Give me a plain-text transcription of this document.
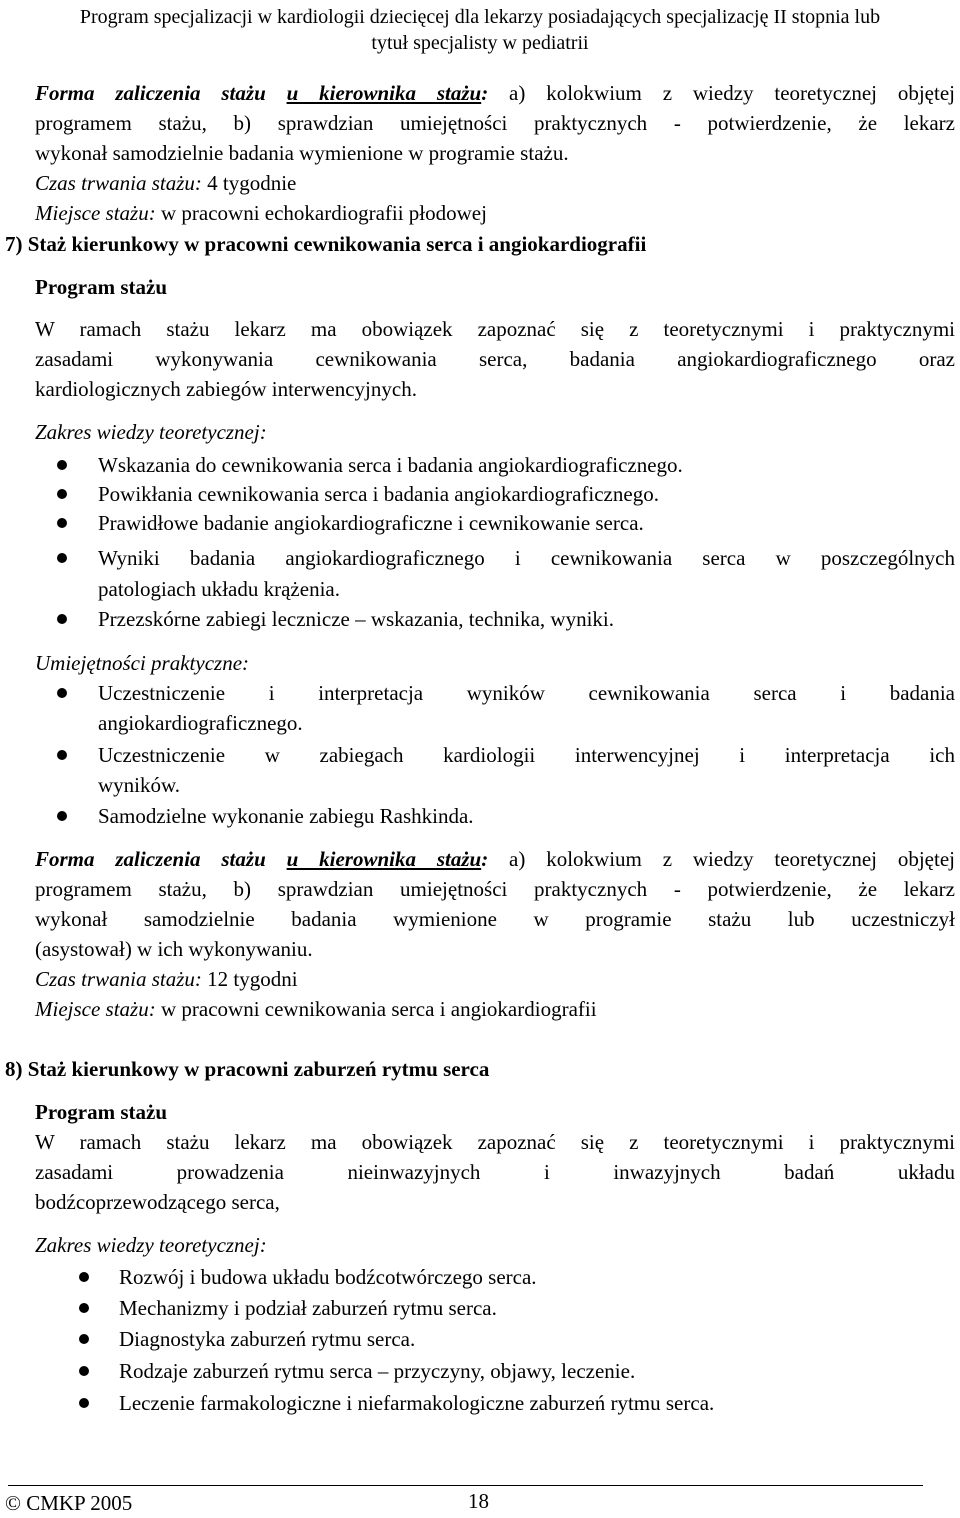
Program specjalizacji w kardiologii dziecięcej dla lekarzy posiadających specjalizację II stopnia lub
tytuł specjalisty w pediatrii
Forma zaliczenia stażu u kierownika stażu: a) kolokwium z wiedzy teoretycznej objętej
programem stażu, b) sprawdzian umiejętności praktycznych - potwierdzenie, że lekarz
wykonał samodzielnie badania wymienione w programie stażu.
Czas trwania stażu: 4 tygodnie
Miejsce stażu: w pracowni echokardiografii płodowej
7) Staż kierunkowy w pracowni cewnikowania serca i angiokardiografii
Program stażu
W ramach stażu lekarz ma obowiązek zapoznać się z teoretycznymi i praktycznymi
zasadami wykonywania cewnikowania serca, badania angiokardiograficznego oraz
kardiologicznych zabiegów interwencyjnych.
Zakres wiedzy teoretycznej:
Wskazania do cewnikowania serca i badania angiokardiograficznego.
Powikłania cewnikowania serca i badania angiokardiograficznego.
Prawidłowe badanie angiokardiograficzne i cewnikowanie serca.
Wyniki badania angiokardiograficznego i cewnikowania serca w poszczególnych
patologiach układu krążenia.
Przezskórne zabiegi lecznicze – wskazania, technika, wyniki.
Umiejętności praktyczne:
Uczestniczenie i interpretacja wyników cewnikowania serca i badania
angiokardiograficznego.
Uczestniczenie w zabiegach kardiologii interwencyjnej i interpretacja ich
wyników.
Samodzielne wykonanie zabiegu Rashkinda.
Forma zaliczenia stażu u kierownika stażu: a) kolokwium z wiedzy teoretycznej objętej
programem stażu, b) sprawdzian umiejętności praktycznych - potwierdzenie, że lekarz
wykonał samodzielnie badania wymienione w programie stażu lub uczestniczył
(asystował) w ich wykonywaniu.
Czas trwania stażu: 12 tygodni
Miejsce stażu: w pracowni cewnikowania serca i angiokardiografii
8) Staż kierunkowy w pracowni zaburzeń rytmu serca
Program stażu
W ramach stażu lekarz ma obowiązek zapoznać się z teoretycznymi i praktycznymi
zasadami prowadzenia nieinwazyjnych i inwazyjnych badań układu
bodźcoprzewodzącego serca,
Zakres wiedzy teoretycznej:
Rozwój i budowa układu bodźcotwórczego serca.
Mechanizmy i podział zaburzeń rytmu serca.
Diagnostyka zaburzeń rytmu serca.
Rodzaje zaburzeń rytmu serca – przyczyny, objawy, leczenie.
Leczenie farmakologiczne i niefarmakologiczne zaburzeń rytmu serca.
© CMKP 2005	18
